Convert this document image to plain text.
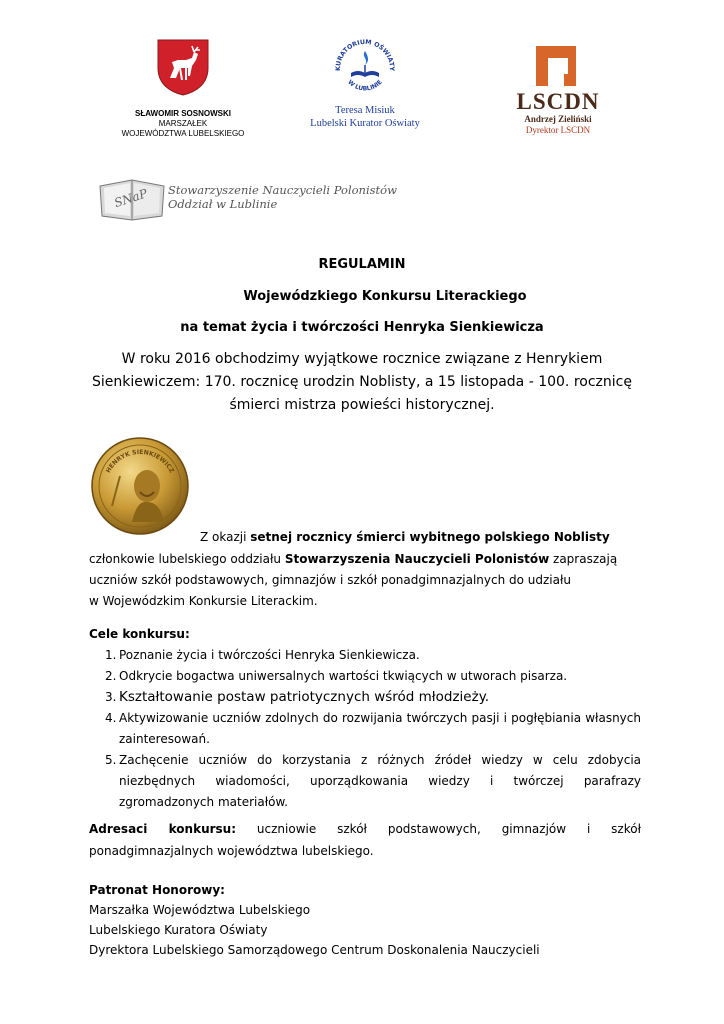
SŁAWOMIR SOSNOWSKI
MARSZAŁEK
WOJEWÓDZTWA LUBELSKIEGO
KURATORIUM OŚWIATY
W LUBLINIE
Teresa Misiuk
Lubelski Kurator Oświaty
LSCDN
Andrzej Zieliński
Dyrektor LSCDN
SNaP Stowarzyszenie Nauczycieli Polonistów
Oddział w Lublinie
REGULAMIN
Wojewódzkiego Konkursu Literackiego
na temat życia i twórczości Henryka Sienkiewicza
W roku 2016 obchodzimy wyjątkowe rocznice związane z Henrykiem
Sienkiewiczem: 170. rocznicę urodzin Noblisty, a 15 listopada - 100. rocznicę
śmierci mistrza powieści historycznej.
HENRYK SIENKIEWICZ
Z okazji setnej rocznicy śmierci wybitnego polskiego Noblisty
członkowie lubelskiego oddziału Stowarzyszenia Nauczycieli Polonistów zapraszają
uczniów szkół podstawowych, gimnazjów i szkół ponadgimnazjalnych do udziału
w Wojewódzkim Konkursie Literackim.
Cele konkursu:
1. Poznanie życia i twórczości Henryka Sienkiewicza.
2. Odkrycie bogactwa uniwersalnych wartości tkwiących w utworach pisarza.
3. Kształtowanie postaw patriotycznych wśród młodzieży.
4. Aktywizowanie uczniów zdolnych do rozwijania twórczych pasji i pogłębiania własnych zainteresowań.
5. Zachęcenie uczniów do korzystania z różnych źródeł wiedzy w celu zdobycia niezbędnych wiadomości, uporządkowania wiedzy i twórczej parafrazy zgromadzonych materiałów.
Adresaci konkursu: uczniowie szkół podstawowych, gimnazjów i szkół
ponadgimnazjalnych województwa lubelskiego.
Patronat Honorowy:
Marszałka Województwa Lubelskiego
Lubelskiego Kuratora Oświaty
Dyrektora Lubelskiego Samorządowego Centrum Doskonalenia Nauczycieli
